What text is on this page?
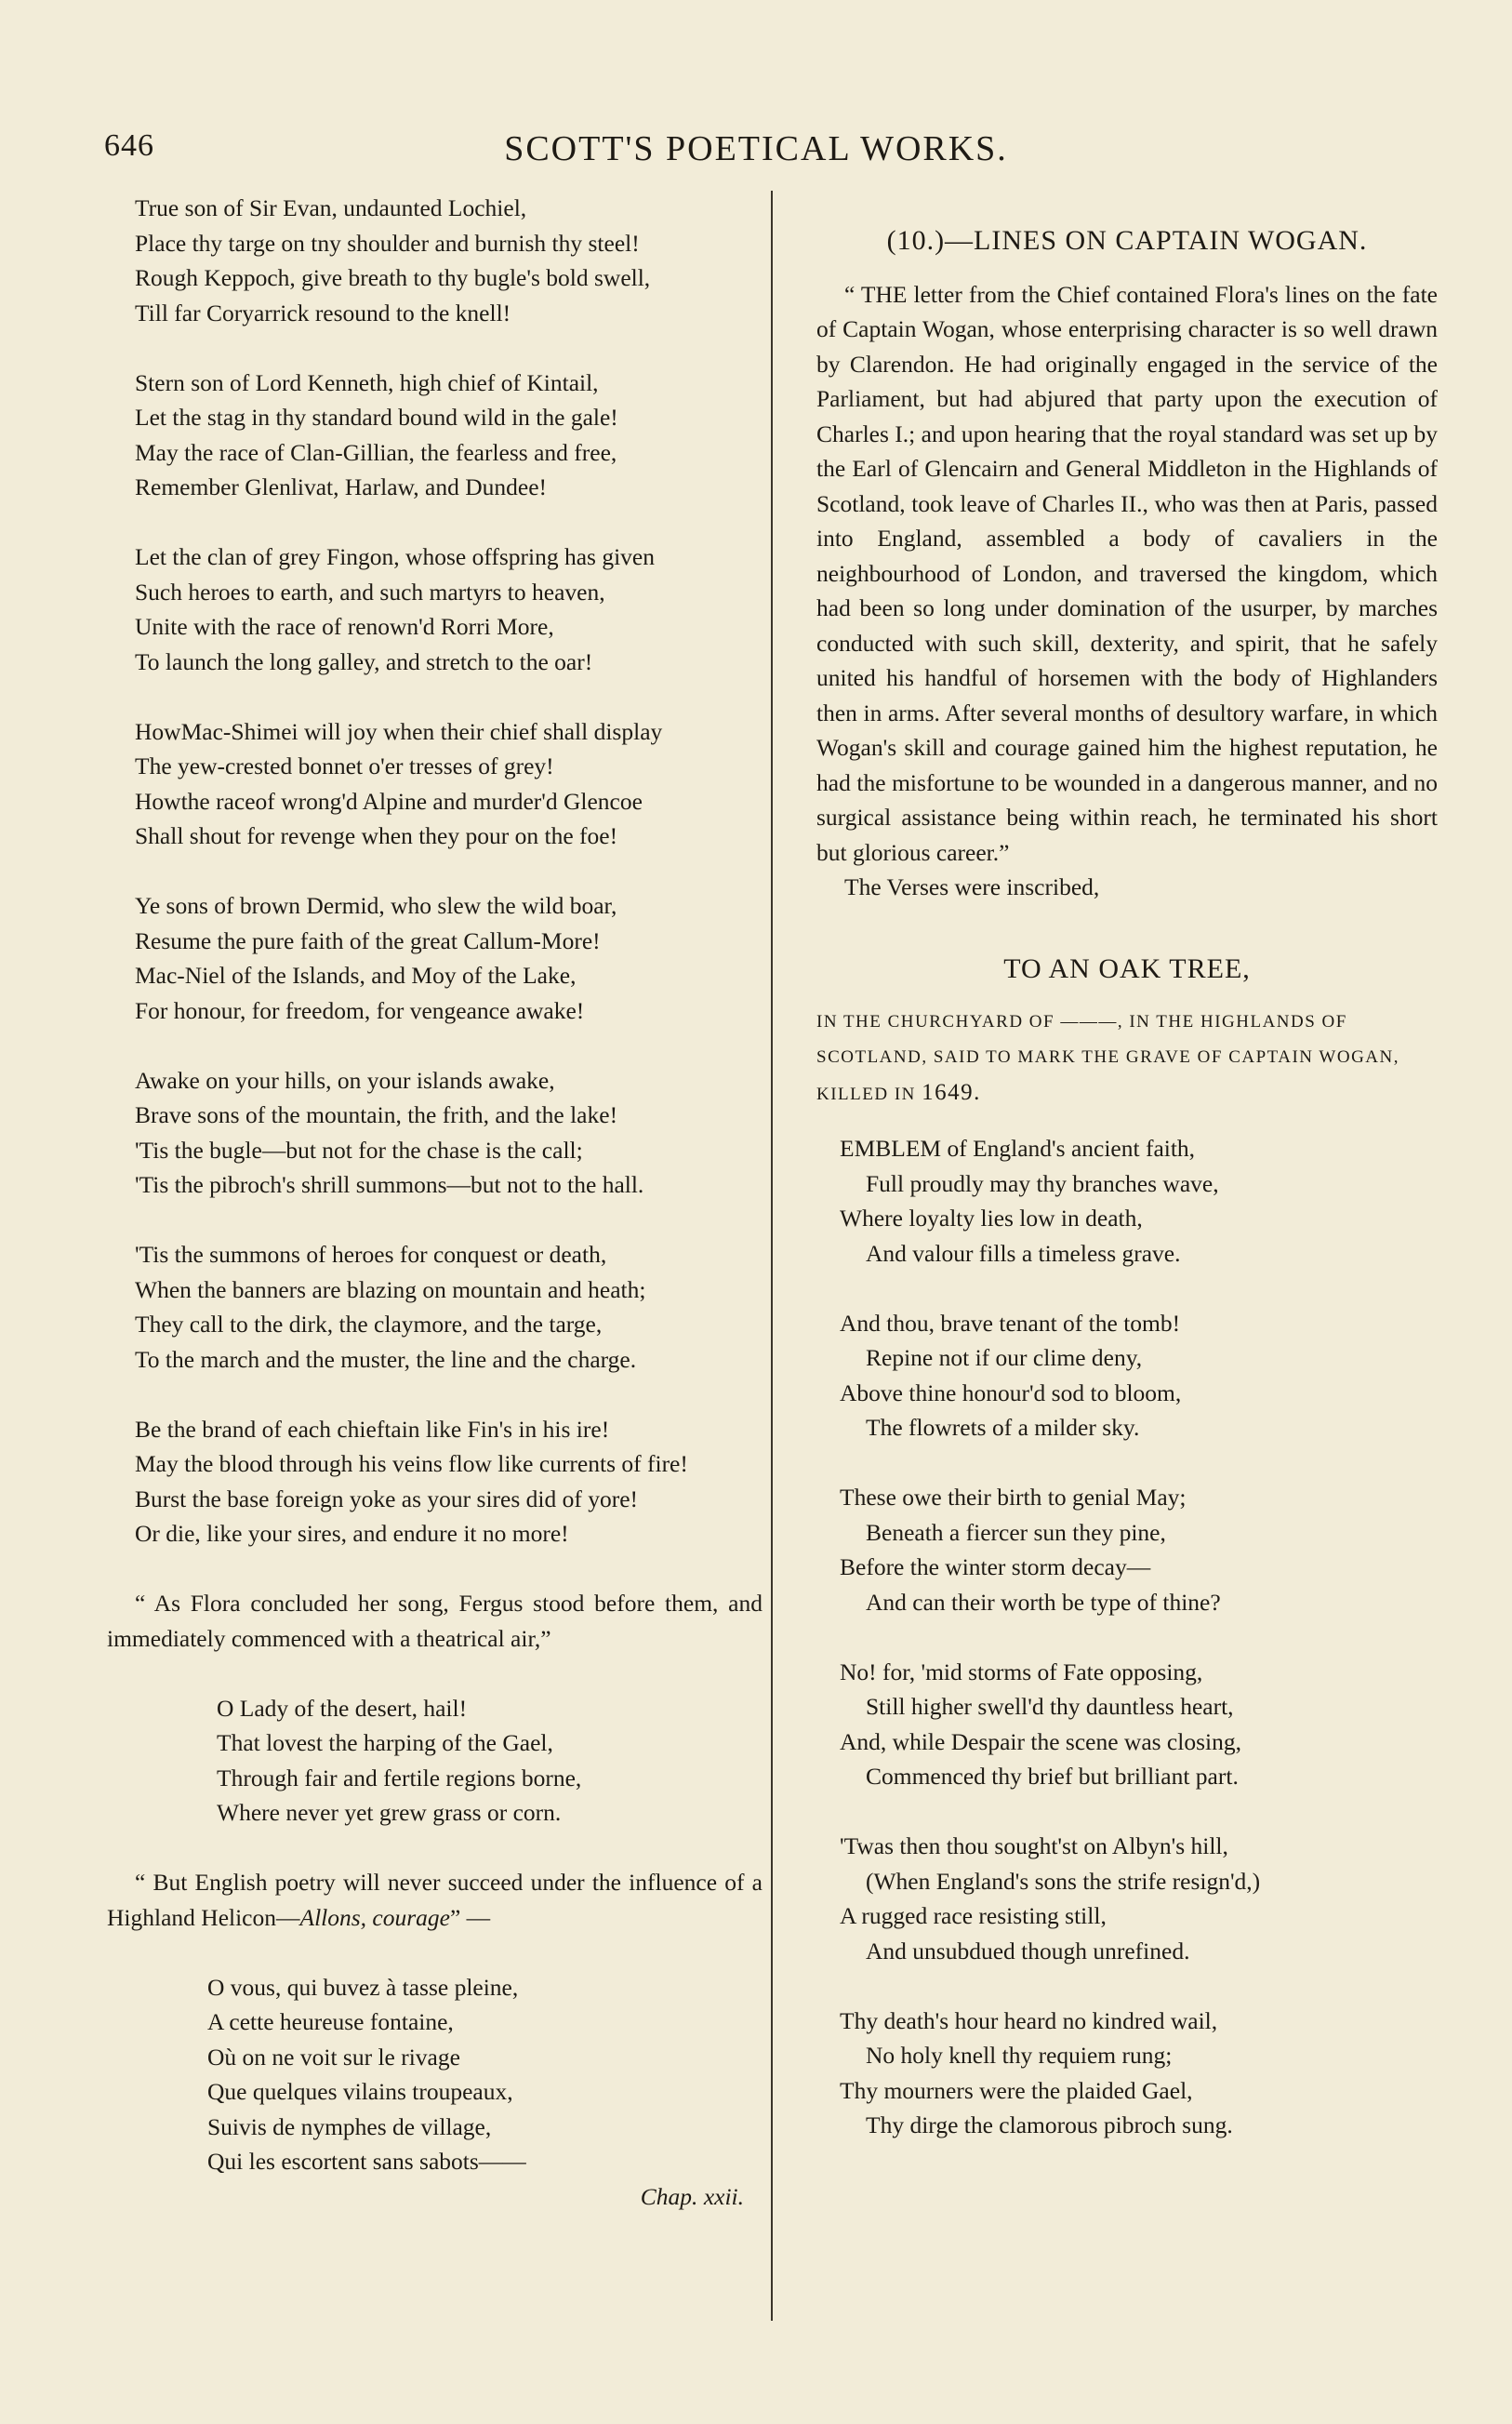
646	SCOTT'S POETICAL WORKS.
True son of Sir Evan, undaunted Lochiel,
Place thy targe on tny shoulder and burnish thy steel!
Rough Keppoch, give breath to thy bugle's bold swell,
Till far Coryarrick resound to the knell!
Stern son of Lord Kenneth, high chief of Kintail,
Let the stag in thy standard bound wild in the gale!
May the race of Clan-Gillian, the fearless and free,
Remember Glenlivat, Harlaw, and Dundee!
Let the clan of grey Fingon, whose offspring has given
Such heroes to earth, and such martyrs to heaven,
Unite with the race of renown'd Rorri More,
To launch the long galley, and stretch to the oar!
HowMac-Shimei will joy when their chief shall display
The yew-crested bonnet o'er tresses of grey!
Howthe raceof wrong'd Alpine and murder'd Glencoe
Shall shout for revenge when they pour on the foe!
Ye sons of brown Dermid, who slew the wild boar,
Resume the pure faith of the great Callum-More!
Mac-Niel of the Islands, and Moy of the Lake,
For honour, for freedom, for vengeance awake!
Awake on your hills, on your islands awake,
Brave sons of the mountain, the frith, and the lake!
'Tis the bugle—but not for the chase is the call;
'Tis the pibroch's shrill summons—but not to the hall.
'Tis the summons of heroes for conquest or death,
When the banners are blazing on mountain and heath;
They call to the dirk, the claymore, and the targe,
To the march and the muster, the line and the charge.
Be the brand of each chieftain like Fin's in his ire!
May the blood through his veins flow like currents of fire!
Burst the base foreign yoke as your sires did of yore!
Or die, like your sires, and endure it no more!

“ As Flora concluded her song, Fergus stood before them, and immediately commenced with a theatrical air,”

O Lady of the desert, hail!
That lovest the harping of the Gael,
Through fair and fertile regions borne,
Where never yet grew grass or corn.

“ But English poetry will never succeed under the influence of a Highland Helicon—Allons, courage” —

O vous, qui buvez à tasse pleine,
A cette heureuse fontaine,
Où on ne voit sur le rivage
Que quelques vilains troupeaux,
Suivis de nymphes de village,
Qui les escortent sans sabots——
Chap. xxii.
(10.)—LINES ON CAPTAIN WOGAN.

“ THE letter from the Chief contained Flora's lines on the fate of Captain Wogan, whose enterprising character is so well drawn by Clarendon. He had originally engaged in the service of the Parliament, but had abjured that party upon the execution of Charles I.; and upon hearing that the royal standard was set up by the Earl of Glencairn and General Middleton in the Highlands of Scotland, took leave of Charles II., who was then at Paris, passed into England, assembled a body of cavaliers in the neighbourhood of London, and traversed the kingdom, which had been so long under domination of the usurper, by marches conducted with such skill, dexterity, and spirit, that he safely united his handful of horsemen with the body of Highlanders then in arms. After several months of desultory warfare, in which Wogan's skill and courage gained him the highest reputation, he had the misfortune to be wounded in a dangerous manner, and no surgical assistance being within reach, he terminated his short but glorious career.”

The Verses were inscribed,
TO AN OAK TREE,
IN THE CHURCHYARD OF ———, IN THE HIGHLANDS OF SCOTLAND, SAID TO MARK THE GRAVE OF CAPTAIN WOGAN, KILLED IN 1649.
EMBLEM of England's ancient faith,
Full proudly may thy branches wave,
Where loyalty lies low in death,
And valour fills a timeless grave.
And thou, brave tenant of the tomb!
Repine not if our clime deny,
Above thine honour'd sod to bloom,
The flowrets of a milder sky.
These owe their birth to genial May;
Beneath a fiercer sun they pine,
Before the winter storm decay—
And can their worth be type of thine?
No! for, 'mid storms of Fate opposing,
Still higher swell'd thy dauntless heart,
And, while Despair the scene was closing,
Commenced thy brief but brilliant part.
'Twas then thou sought'st on Albyn's hill,
(When England's sons the strife resign'd,)
A rugged race resisting still,
And unsubdued though unrefined.
Thy death's hour heard no kindred wail,
No holy knell thy requiem rung;
Thy mourners were the plaided Gael,
Thy dirge the clamorous pibroch sung.
